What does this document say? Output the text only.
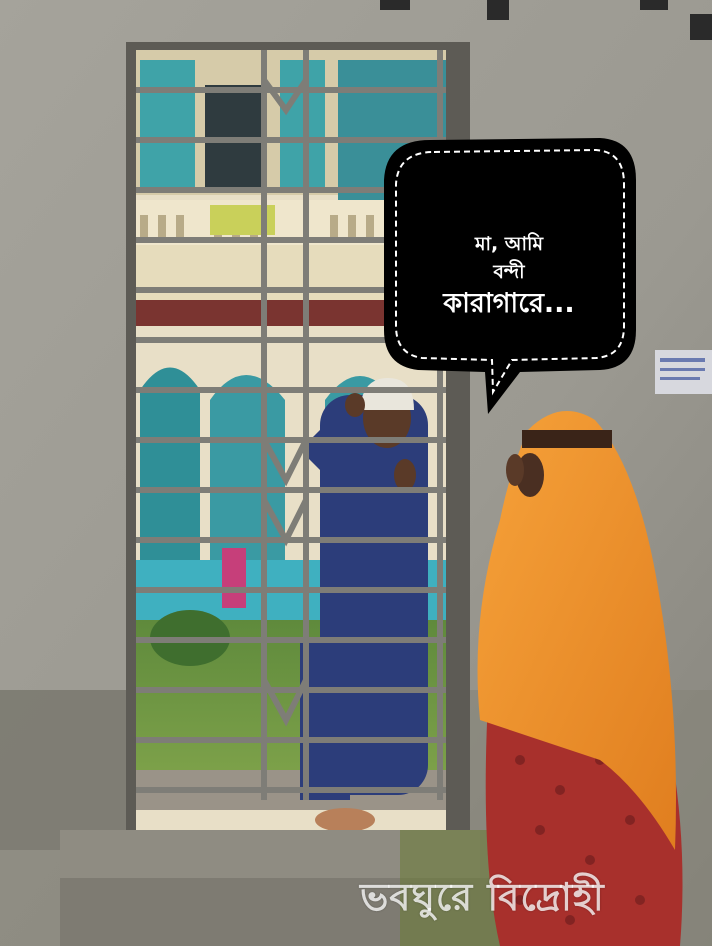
মা, আমি
বন্দী
কারাগারে...
ভবঘুরে বিদ্রোহী
